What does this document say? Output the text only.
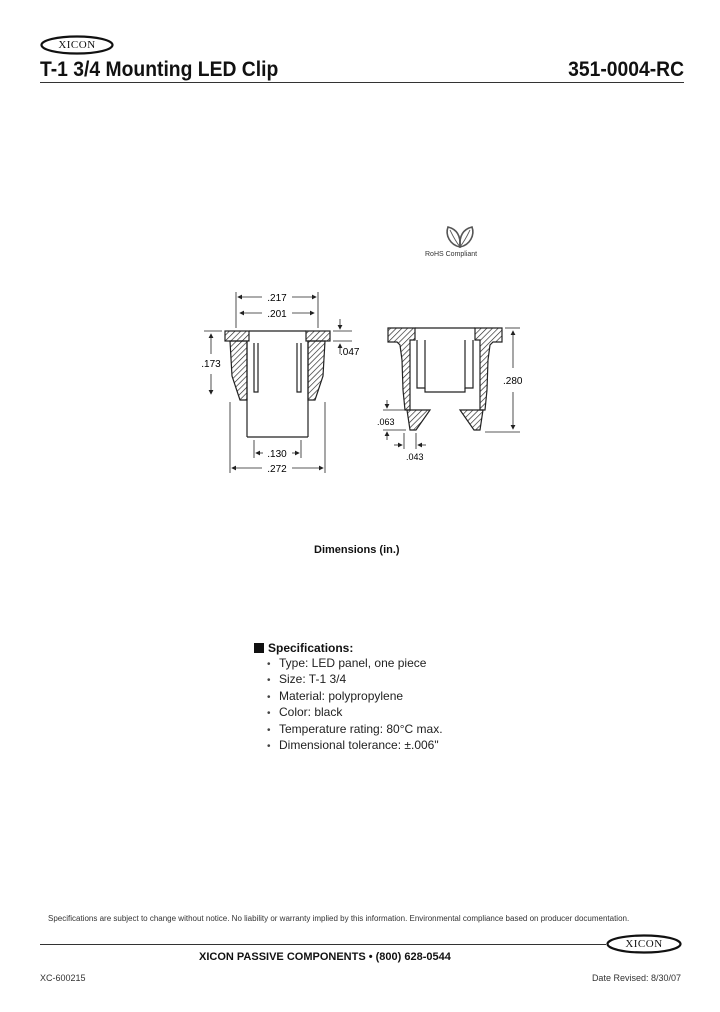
XICON
T-1 3/4 Mounting LED Clip	351-0004-RC
RoHS Compliant
.217
.201
.173
.047
.130
.272
.280
.063
.043
Dimensions (in.)
Specifications:
• Type: LED panel, one piece
• Size: T-1 3/4
• Material: polypropylene
• Color: black
• Temperature rating: 80°C max.
• Dimensional tolerance: ±.006"
Specifications are subject to change without notice. No liability or warranty implied by this information. Environmental compliance based on producer documentation.
XICON PASSIVE COMPONENTS • (800) 628-0544
XICON
XC-600215	Date Revised: 8/30/07
